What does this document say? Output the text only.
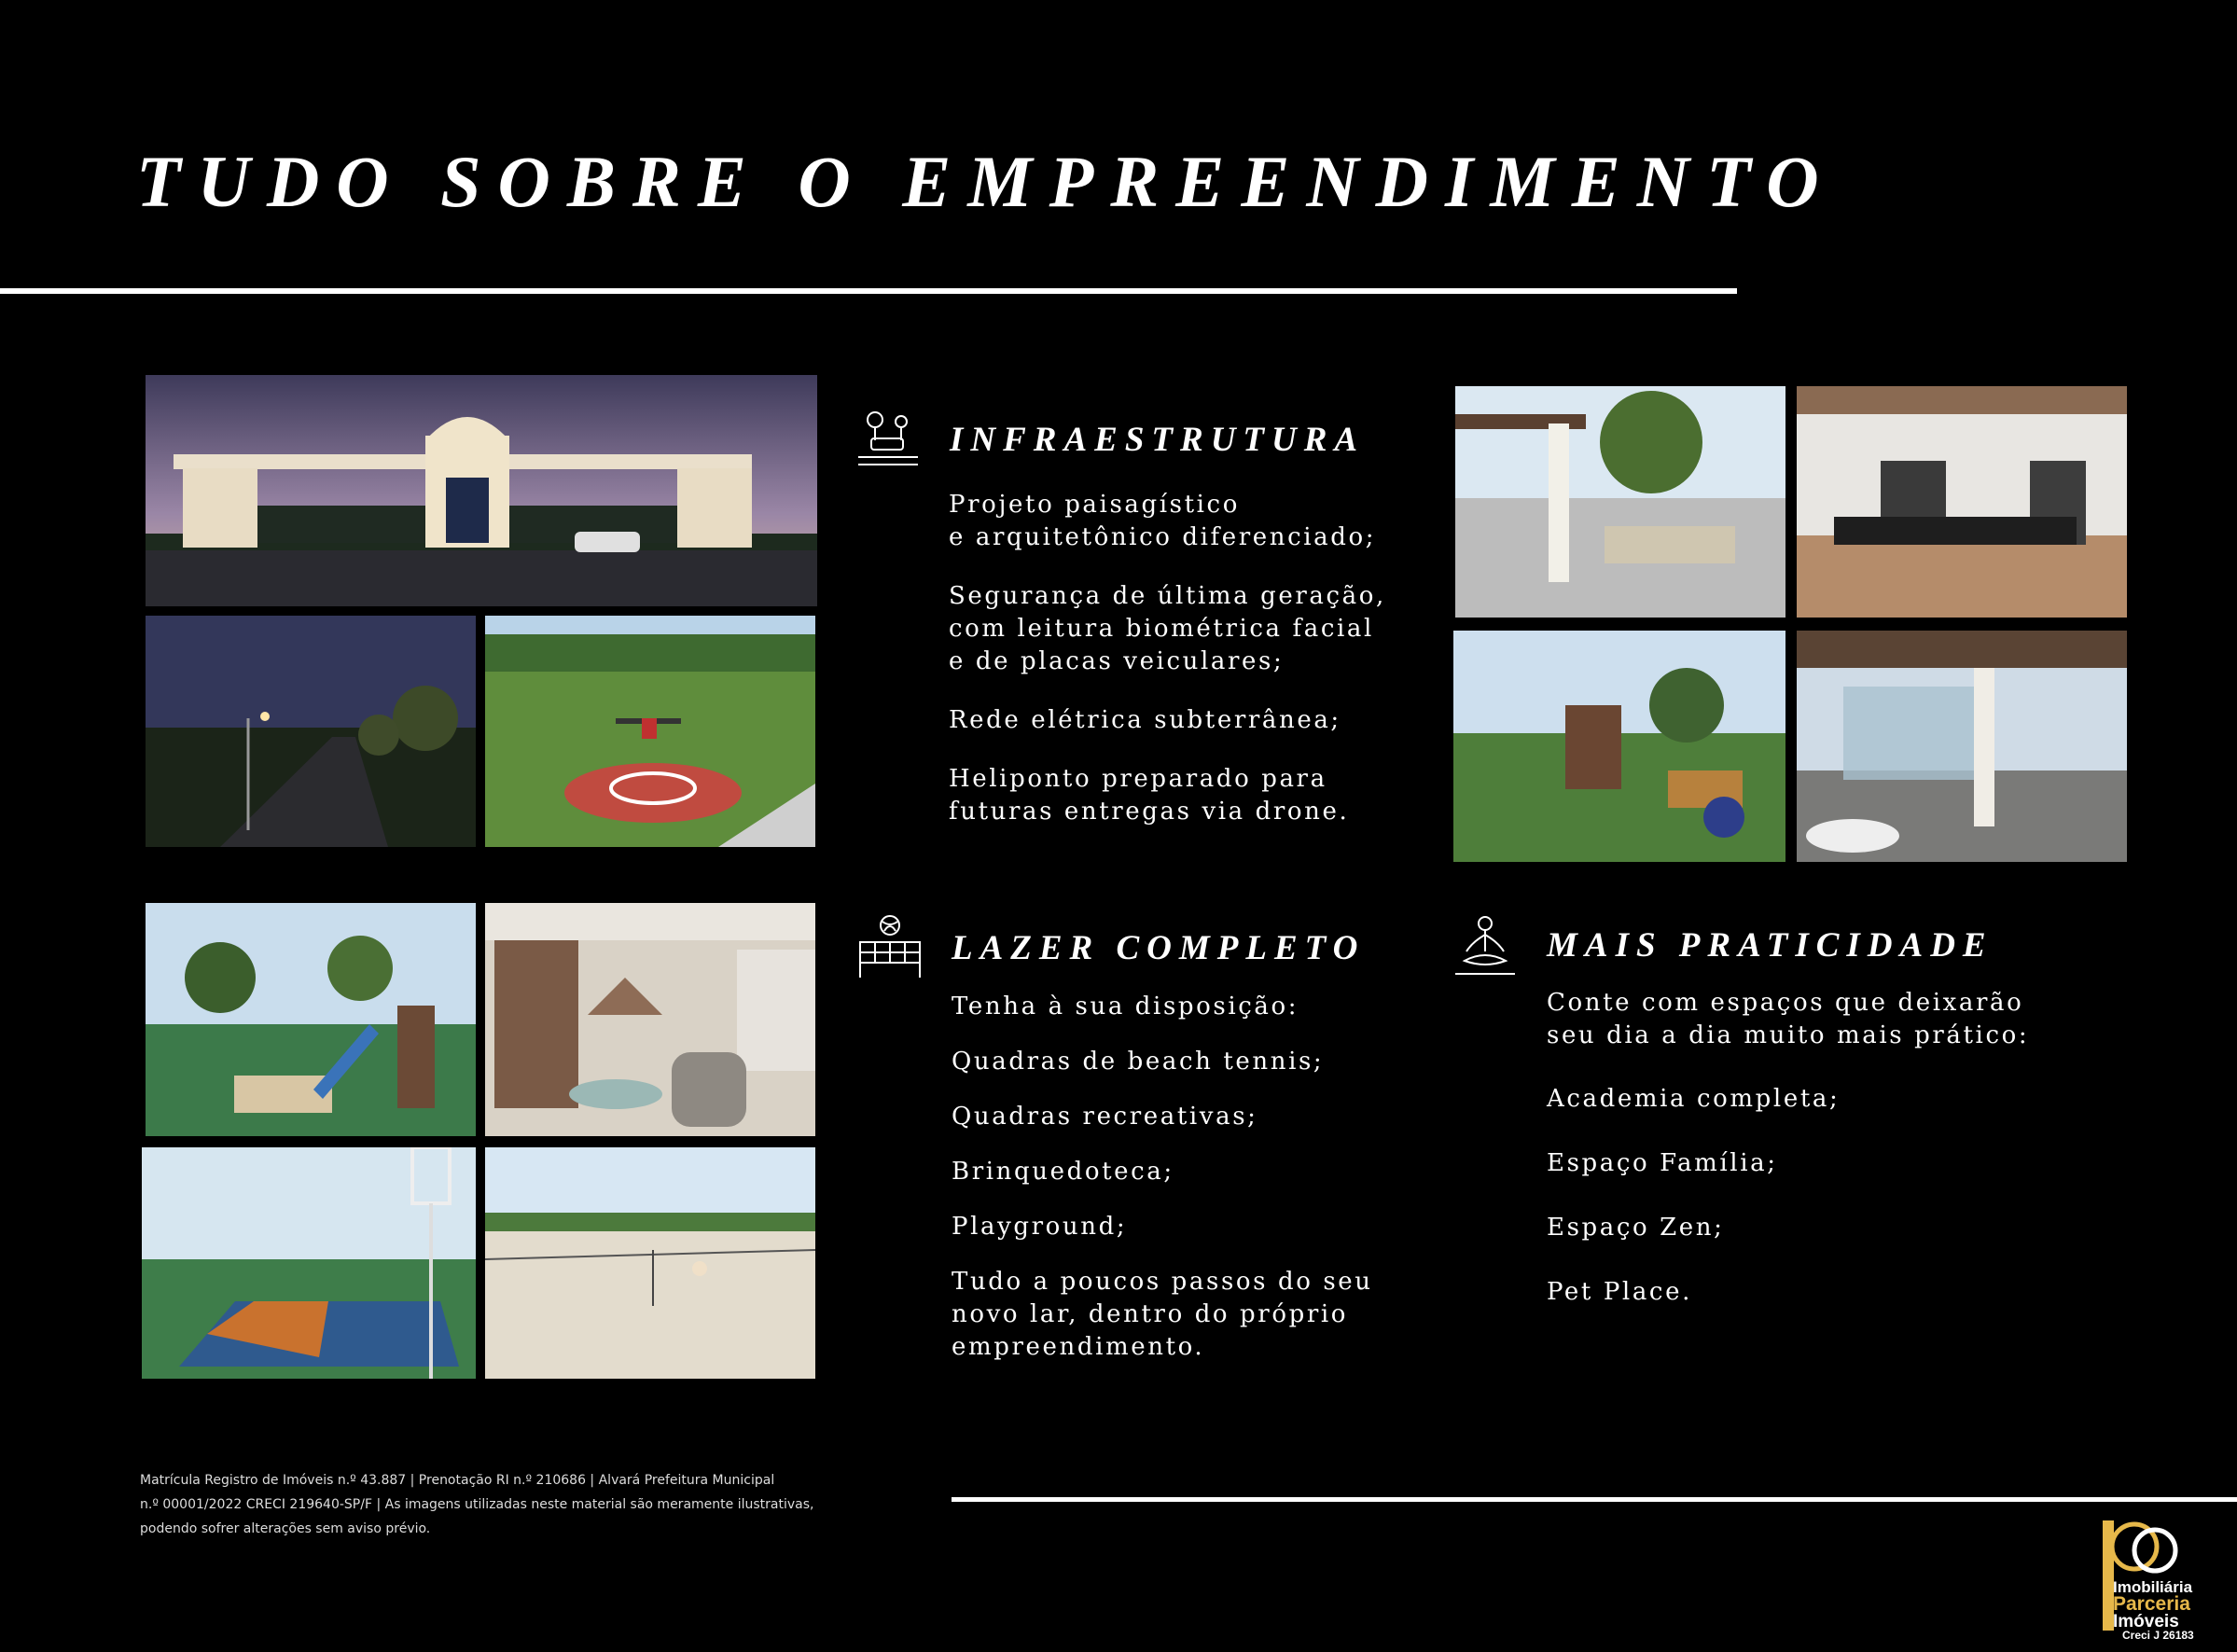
TUDO SOBRE O EMPREENDIMENTO
INFRAESTRUTURA
Projeto paisagístico
e arquitetônico diferenciado;
Segurança de última geração,
com leitura biométrica facial
e de placas veiculares;
Rede elétrica subterrânea;
Heliponto preparado para
futuras entregas via drone.
LAZER COMPLETO
Tenha à sua disposição:
Quadras de beach tennis;
Quadras recreativas;
Brinquedoteca;
Playground;
Tudo a poucos passos do seu
novo lar, dentro do próprio
empreendimento.
MAIS PRATICIDADE
Conte com espaços que deixarão
seu dia a dia muito mais prático:
Academia completa;
Espaço Família;
Espaço Zen;
Pet Place.
Matrícula Registro de Imóveis n.º 43.887 | Prenotação RI n.º 210686 | Alvará Prefeitura Municipal
n.º 00001/2022 CRECI 219640-SP/F | As imagens utilizadas neste material são meramente ilustrativas,
podendo sofrer alterações sem aviso prévio.
Imobiliária
Parceria
Imóveis
Creci J 26183
